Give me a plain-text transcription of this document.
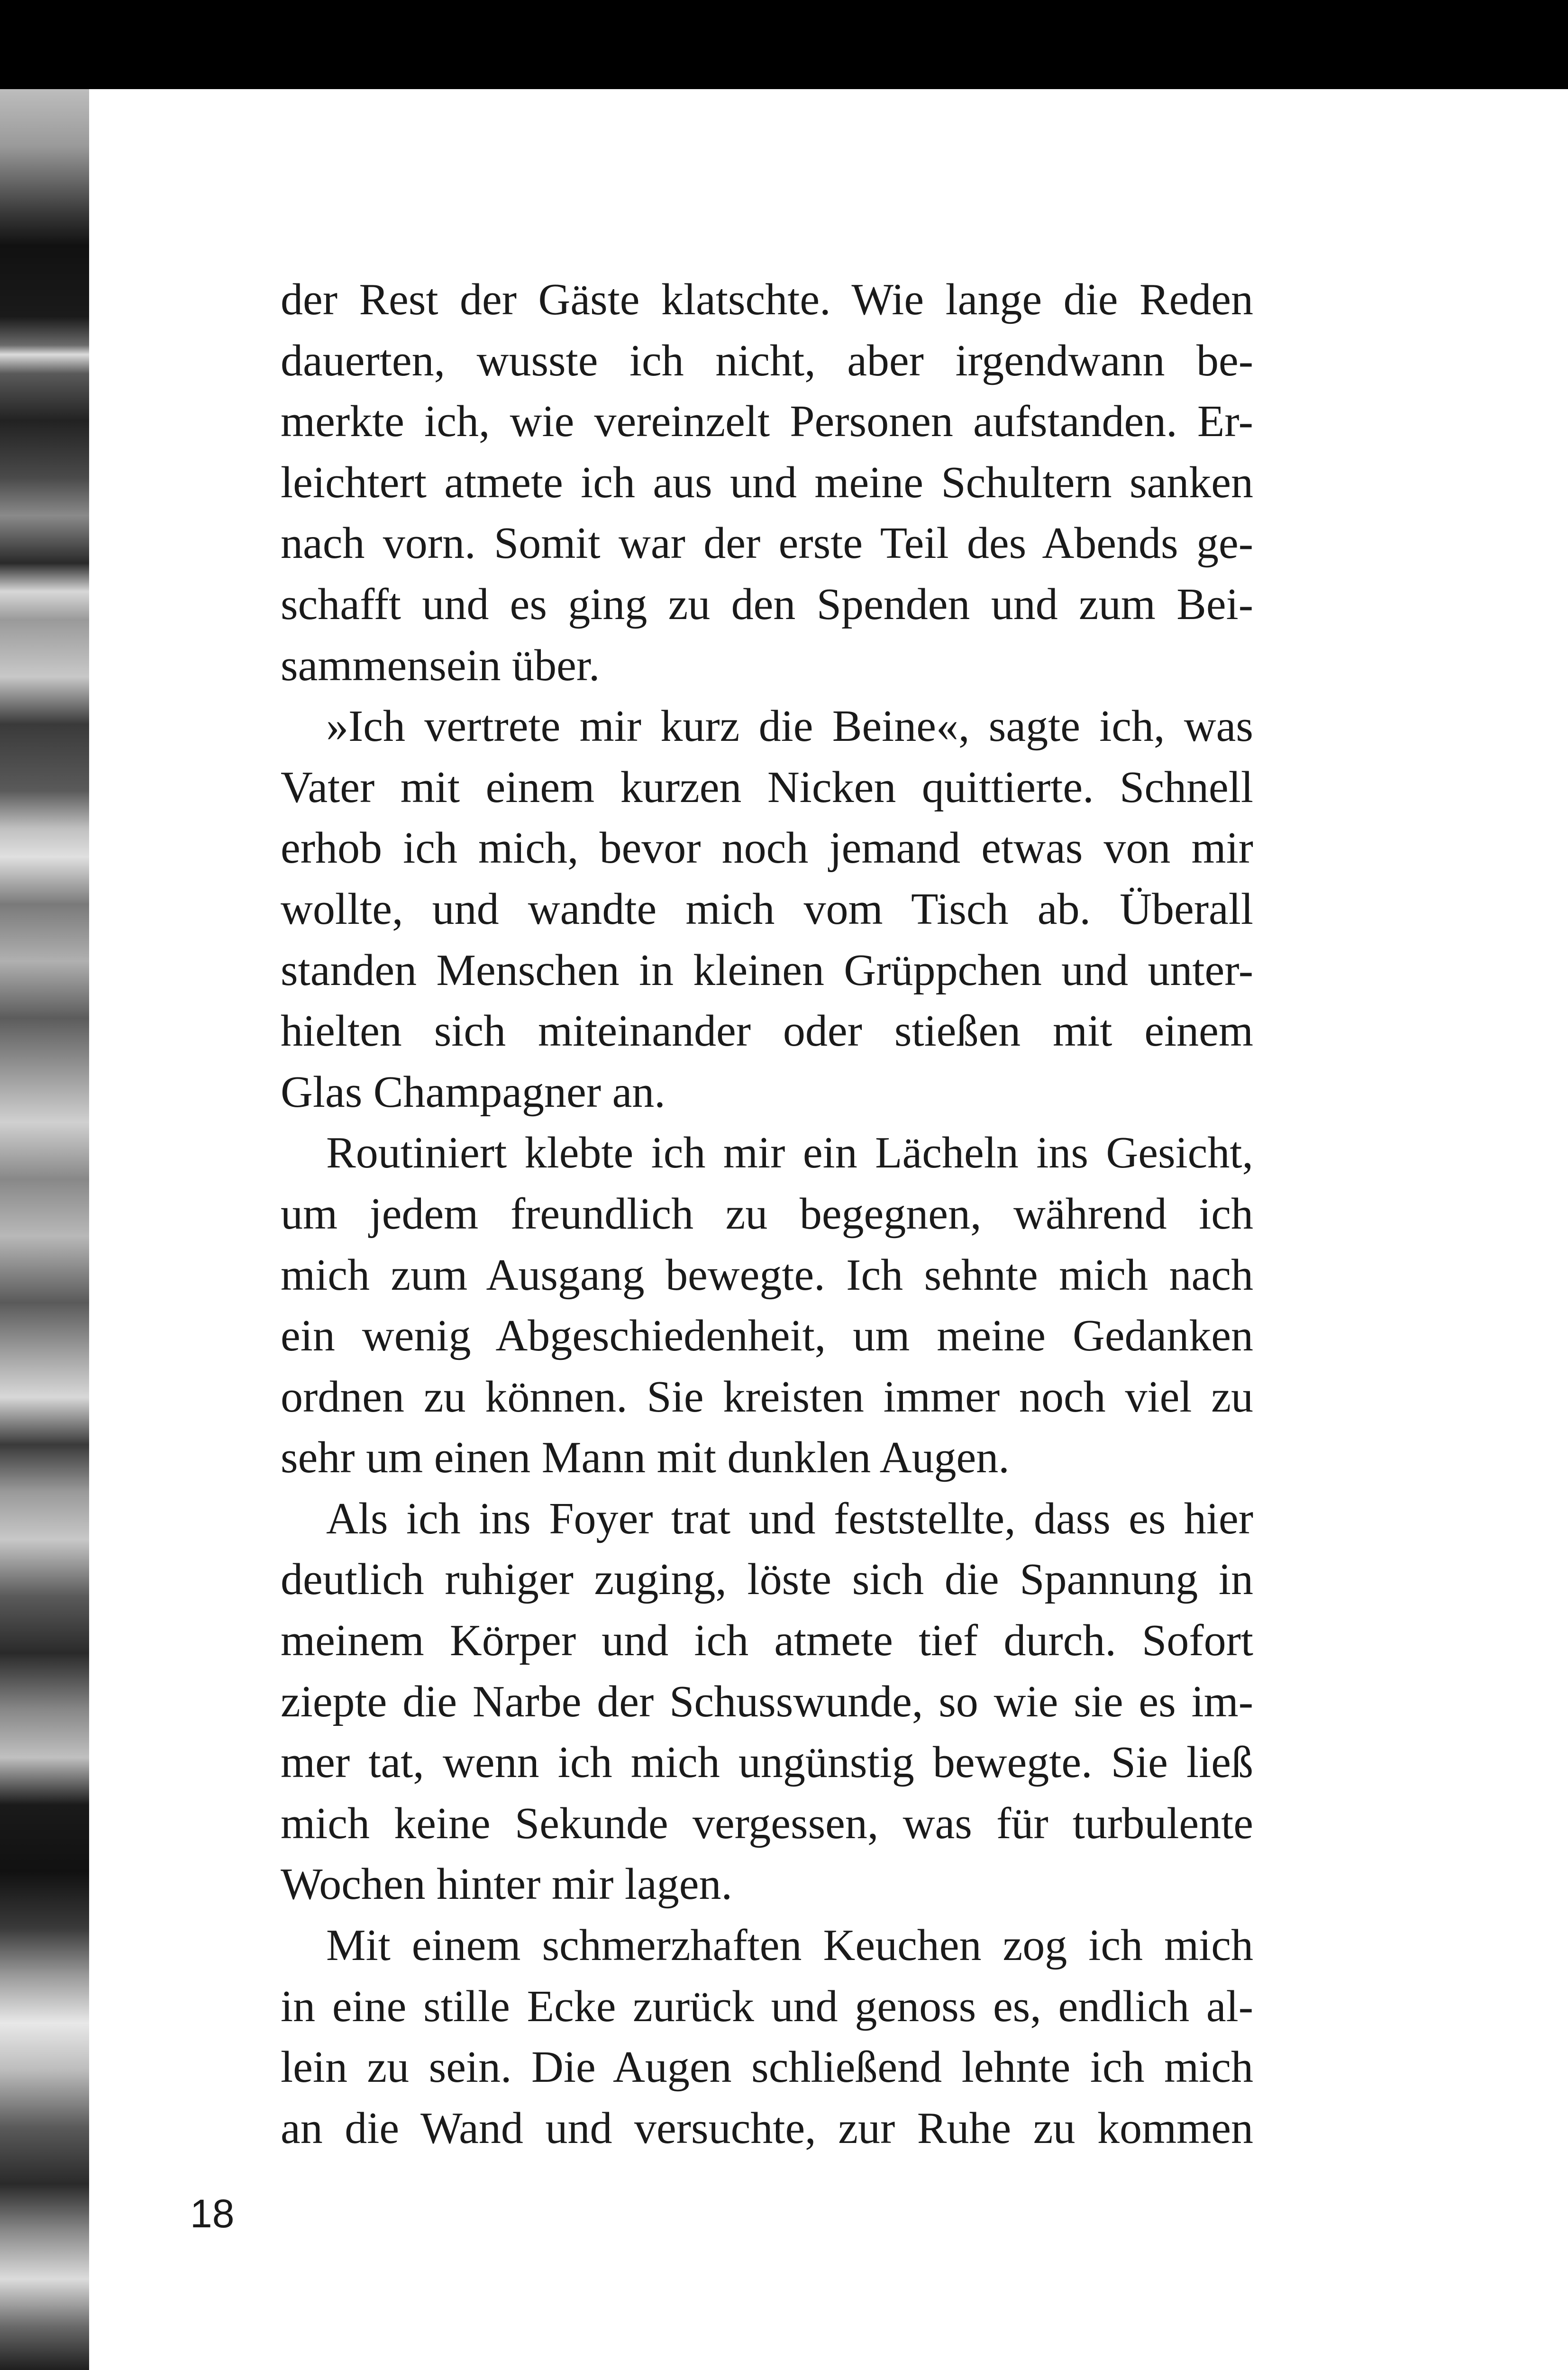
der Rest der Gäste klatschte. Wie lange die Reden
dauerten, wusste ich nicht, aber irgendwann be-
merkte ich, wie vereinzelt Personen aufstanden. Er-
leichtert atmete ich aus und meine Schultern sanken
nach vorn. Somit war der erste Teil des Abends ge-
schafft und es ging zu den Spenden und zum Bei-
sammensein über.
»Ich vertrete mir kurz die Beine«, sagte ich, was
Vater mit einem kurzen Nicken quittierte. Schnell
erhob ich mich, bevor noch jemand etwas von mir
wollte, und wandte mich vom Tisch ab. Überall
standen Menschen in kleinen Grüppchen und unter-
hielten sich miteinander oder stießen mit einem
Glas Champagner an.
Routiniert klebte ich mir ein Lächeln ins Gesicht,
um jedem freundlich zu begegnen, während ich
mich zum Ausgang bewegte. Ich sehnte mich nach
ein wenig Abgeschiedenheit, um meine Gedanken
ordnen zu können. Sie kreisten immer noch viel zu
sehr um einen Mann mit dunklen Augen.
Als ich ins Foyer trat und feststellte, dass es hier
deutlich ruhiger zuging, löste sich die Spannung in
meinem Körper und ich atmete tief durch. Sofort
ziepte die Narbe der Schusswunde, so wie sie es im-
mer tat, wenn ich mich ungünstig bewegte. Sie ließ
mich keine Sekunde vergessen, was für turbulente
Wochen hinter mir lagen.
Mit einem schmerzhaften Keuchen zog ich mich
in eine stille Ecke zurück und genoss es, endlich al-
lein zu sein. Die Augen schließend lehnte ich mich
an die Wand und versuchte, zur Ruhe zu kommen
18
